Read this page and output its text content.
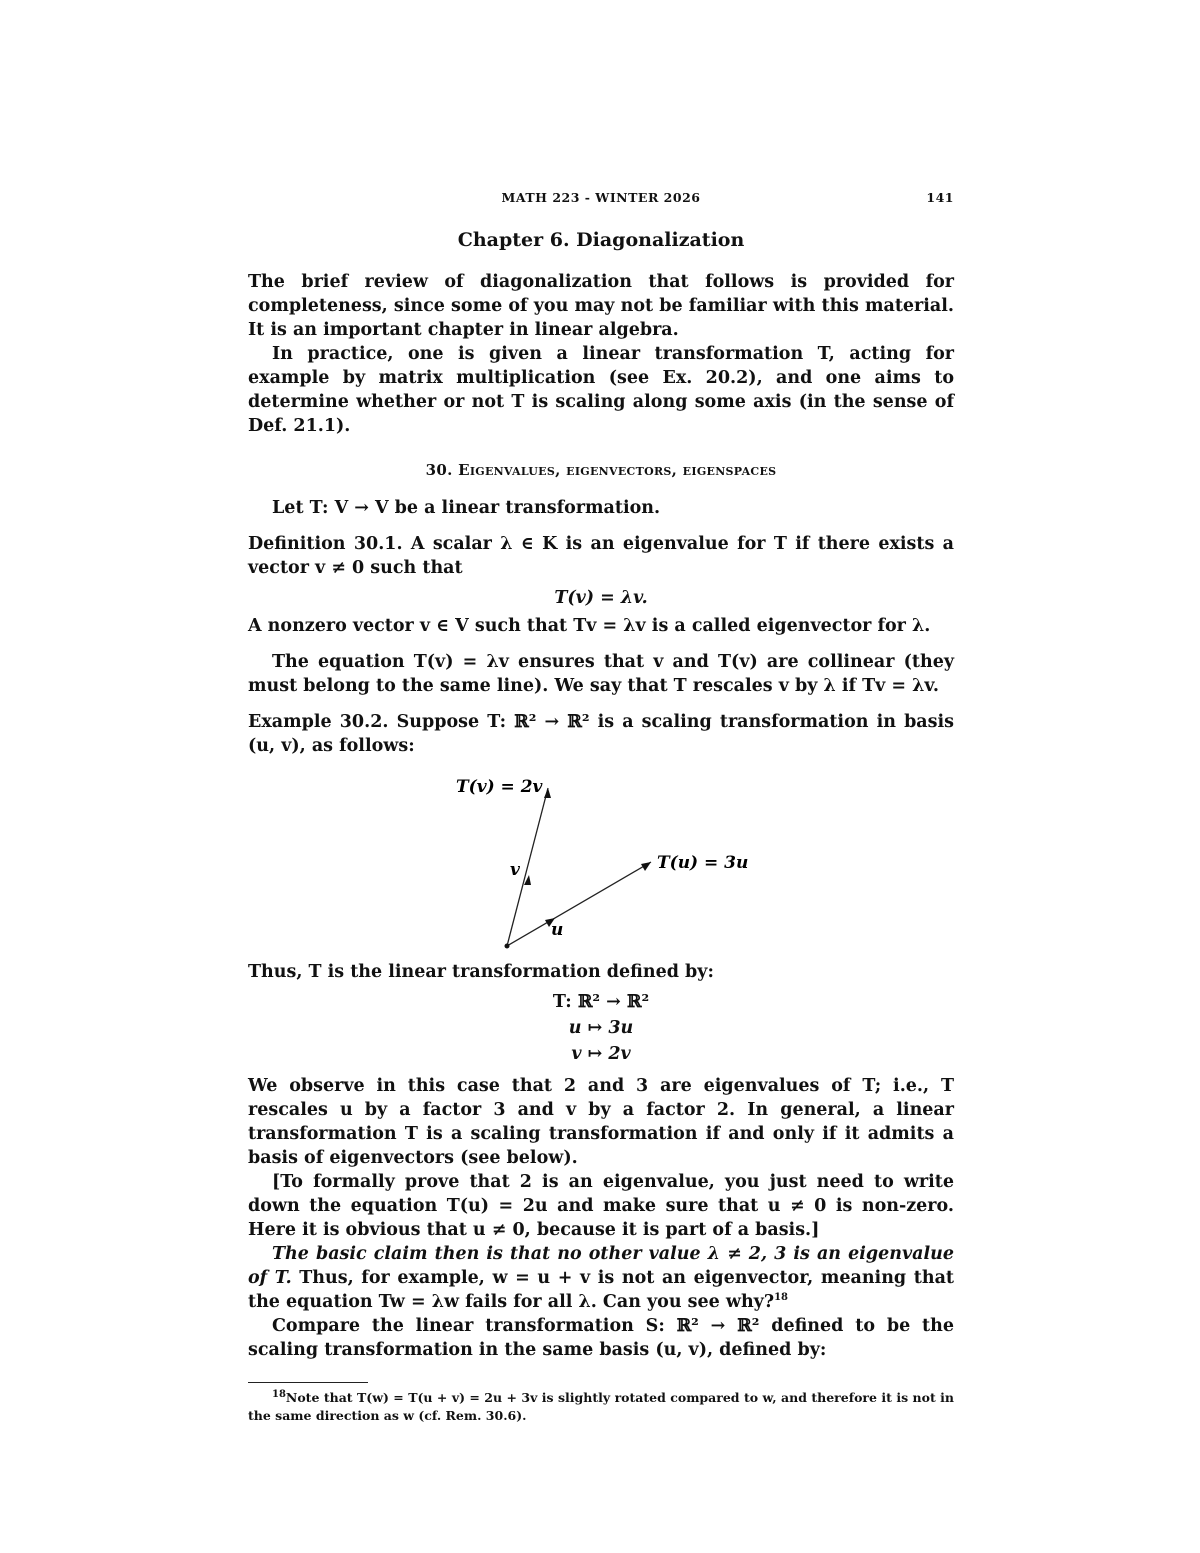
MATH 223 - WINTER 2026	141
Chapter 6. Diagonalization

The brief review of diagonalization that follows is provided for completeness, since some of you may not be familiar with this material. It is an important chapter in linear algebra.

In practice, one is given a linear transformation T, acting for example by matrix multiplication (see Ex. 20.2), and one aims to determine whether or not T is scaling along some axis (in the sense of Def. 21.1).

30. Eigenvalues, eigenvectors, eigenspaces

Let T: V → V be a linear transformation.

Definition 30.1. A scalar λ ∈ K is an eigenvalue for T if there exists a vector v ≠ 0 such that

T(v) = λv.

A nonzero vector v ∈ V such that Tv = λv is a called eigenvector for λ.

The equation T(v) = λv ensures that v and T(v) are collinear (they must belong to the same line). We say that T rescales v by λ if Tv = λv.

Example 30.2. Suppose T: ℝ² → ℝ² is a scaling transformation in basis (u, v), as follows:

T(v) = 2v
v	T(u) = 3u
u

Thus, T is the linear transformation defined by:

T: ℝ² → ℝ²
u ↦ 3u
v ↦ 2v

We observe in this case that 2 and 3 are eigenvalues of T; i.e., T rescales u by a factor 3 and v by a factor 2. In general, a linear transformation T is a scaling transformation if and only if it admits a basis of eigenvectors (see below).

[To formally prove that 2 is an eigenvalue, you just need to write down the equation T(u) = 2u and make sure that u ≠ 0 is non-zero. Here it is obvious that u ≠ 0, because it is part of a basis.]

The basic claim then is that no other value λ ≠ 2, 3 is an eigenvalue of T. Thus, for example, w = u + v is not an eigenvector, meaning that the equation Tw = λw fails for all λ. Can you see why?$^{18}$

Compare the linear transformation S: ℝ² → ℝ² defined to be the scaling transformation in the same basis (u, v), defined by:

$^{18}$Note that T(w) = T(u + v) = 2u + 3v is slightly rotated compared to w, and therefore it is not in the same direction as w (cf. Rem. 30.6).
